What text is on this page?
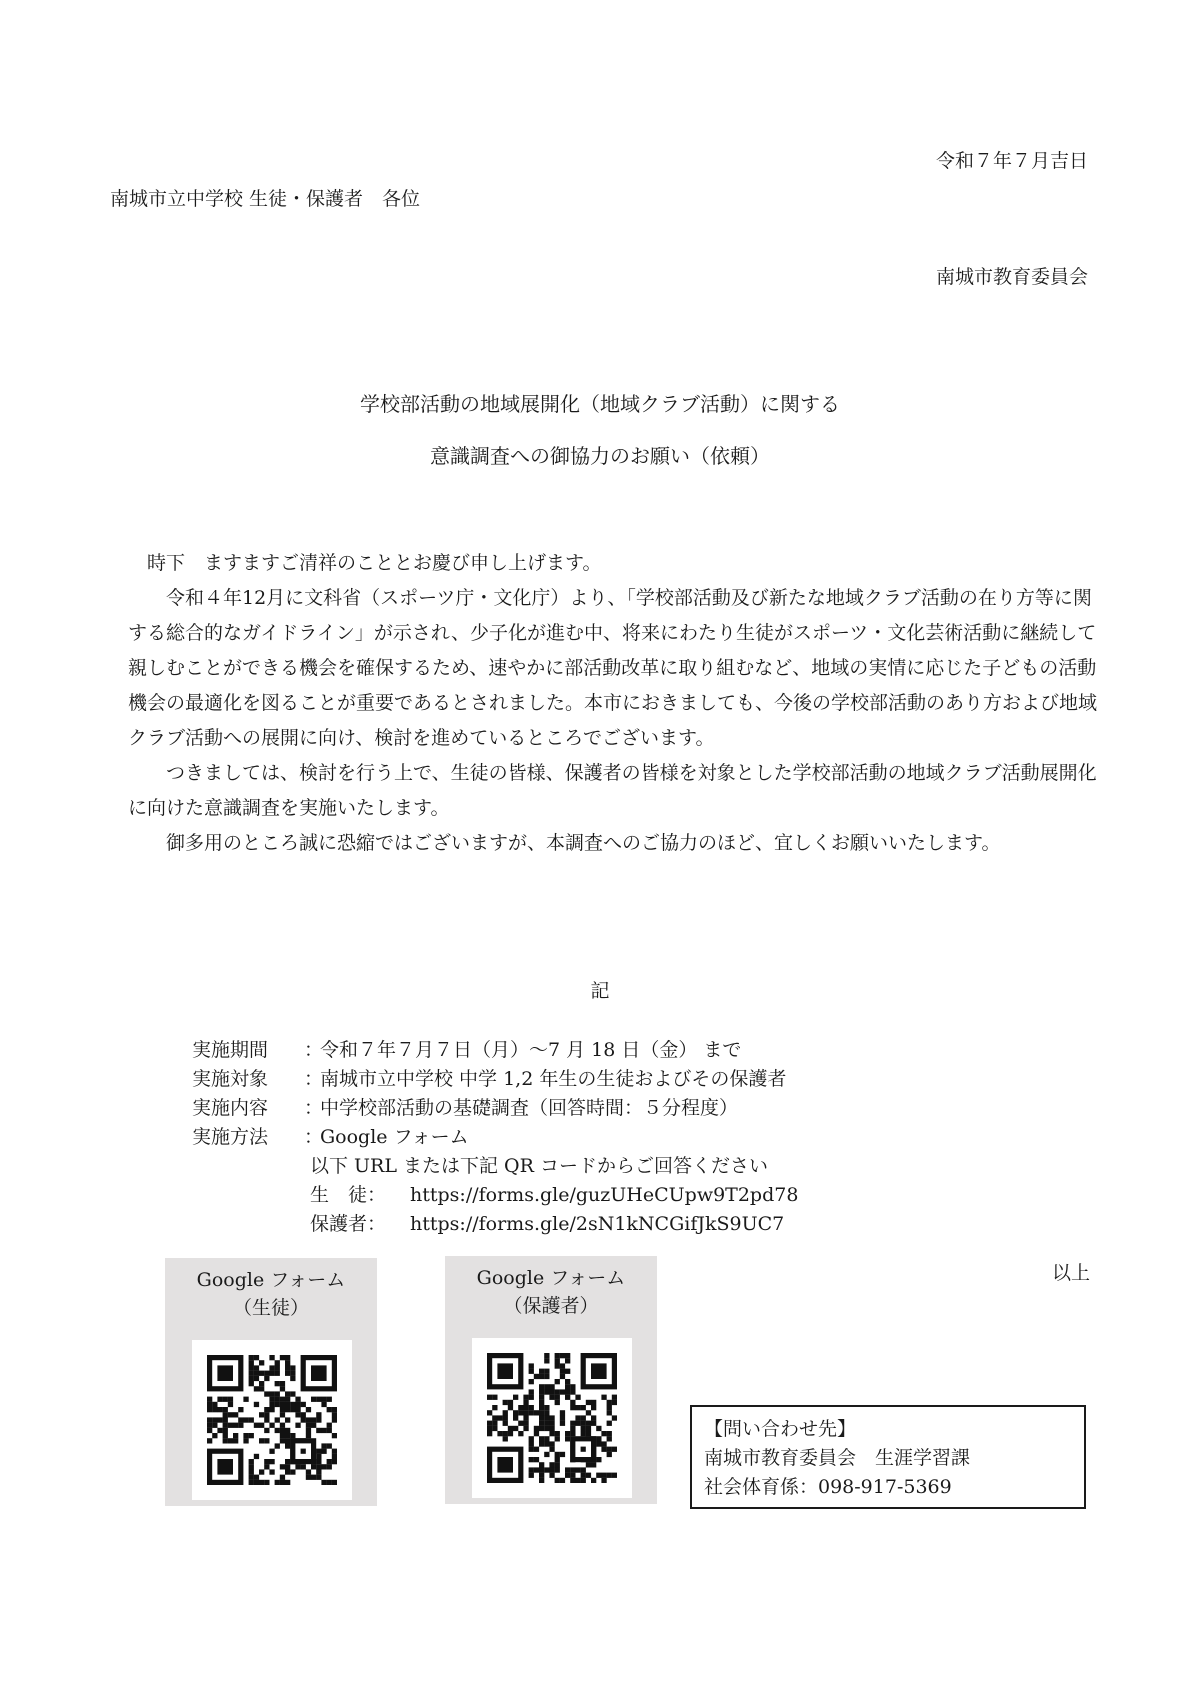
令和７年７月吉日
南城市立中学校 生徒・保護者　各位
南城市教育委員会
学校部活動の地域展開化（地域クラブ活動）に関する
意識調査への御協力のお願い（依頼）

時下　ますますご清祥のこととお慶び申し上げます。

令和４年12月に文科省（スポーツ庁・文化庁）より、「学校部活動及び新たな地域クラブ活動の在り方等に関する総合的なガイドライン」が示され、少子化が進む中、将来にわたり生徒がスポーツ・文化芸術活動に継続して親しむことができる機会を確保するため、速やかに部活動改革に取り組むなど、地域の実情に応じた子どもの活動機会の最適化を図ることが重要であるとされました。本市におきましても、今後の学校部活動のあり方および地域クラブ活動への展開に向け、検討を進めているところでございます。

つきましては、検討を行う上で、生徒の皆様、保護者の皆様を対象とした学校部活動の地域クラブ活動展開化に向けた意識調査を実施いたします。

御多用のところ誠に恐縮ではございますが、本調査へのご協力のほど、宜しくお願いいたします。

記
実施期間	：
令和７年７月７日（月）〜7 月 18 日（金） まで
実施対象	：
南城市立中学校 中学 1,2 年生の生徒およびその保護者
実施内容	：
中学校部活動の基礎調査（回答時間：５分程度）
実施方法	：
Google フォーム
以下 URL または下記 QR コードからご回答ください
生　徒：	https://forms.gle/guzUHeCUpw9T2pd78
保護者：	https://forms.gle/2sN1kNCGifJkS9UC7
Google フォーム
（生徒）
Google フォーム
（保護者）
以上
【問い合わせ先】
南城市教育委員会　生涯学習課
社会体育係：098-917-5369
